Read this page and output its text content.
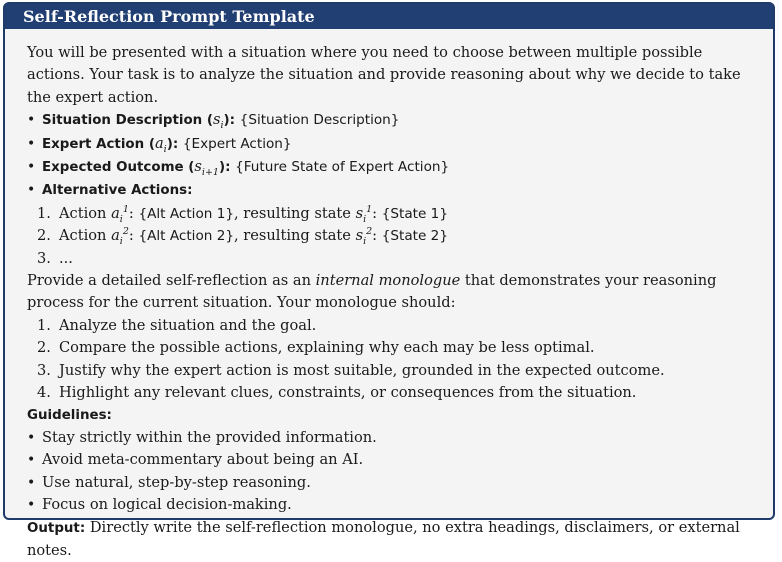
Self-Reflection Prompt Template

You will be presented with a situation where you need to choose between multiple possible actions. Your task is to analyze the situation and provide reasoning about why we decide to take the expert action.

• Situation Description $(s_i)$: {Situation Description}
• Expert Action $(a_i)$: {Expert Action}
• Expected Outcome $(s_{i+1})$: {Future State of Expert Action}
• Alternative Actions:
1. Action $a_i^1$: {Alt Action 1}, resulting state $s_i^1$: {State 1}
2. Action $a_i^2$: {Alt Action 2}, resulting state $s_i^2$: {State 2}
3. ...

Provide a detailed self-reflection as an internal monologue that demonstrates your reasoning process for the current situation. Your monologue should:

1. Analyze the situation and the goal.
2. Compare the possible actions, explaining why each may be less optimal.
3. Justify why the expert action is most suitable, grounded in the expected outcome.
4. Highlight any relevant clues, constraints, or consequences from the situation.
Guidelines:
• Stay strictly within the provided information.
• Avoid meta-commentary about being an AI.
• Use natural, step-by-step reasoning.
• Focus on logical decision-making.

Output: Directly write the self-reflection monologue, no extra headings, disclaimers, or external notes.
